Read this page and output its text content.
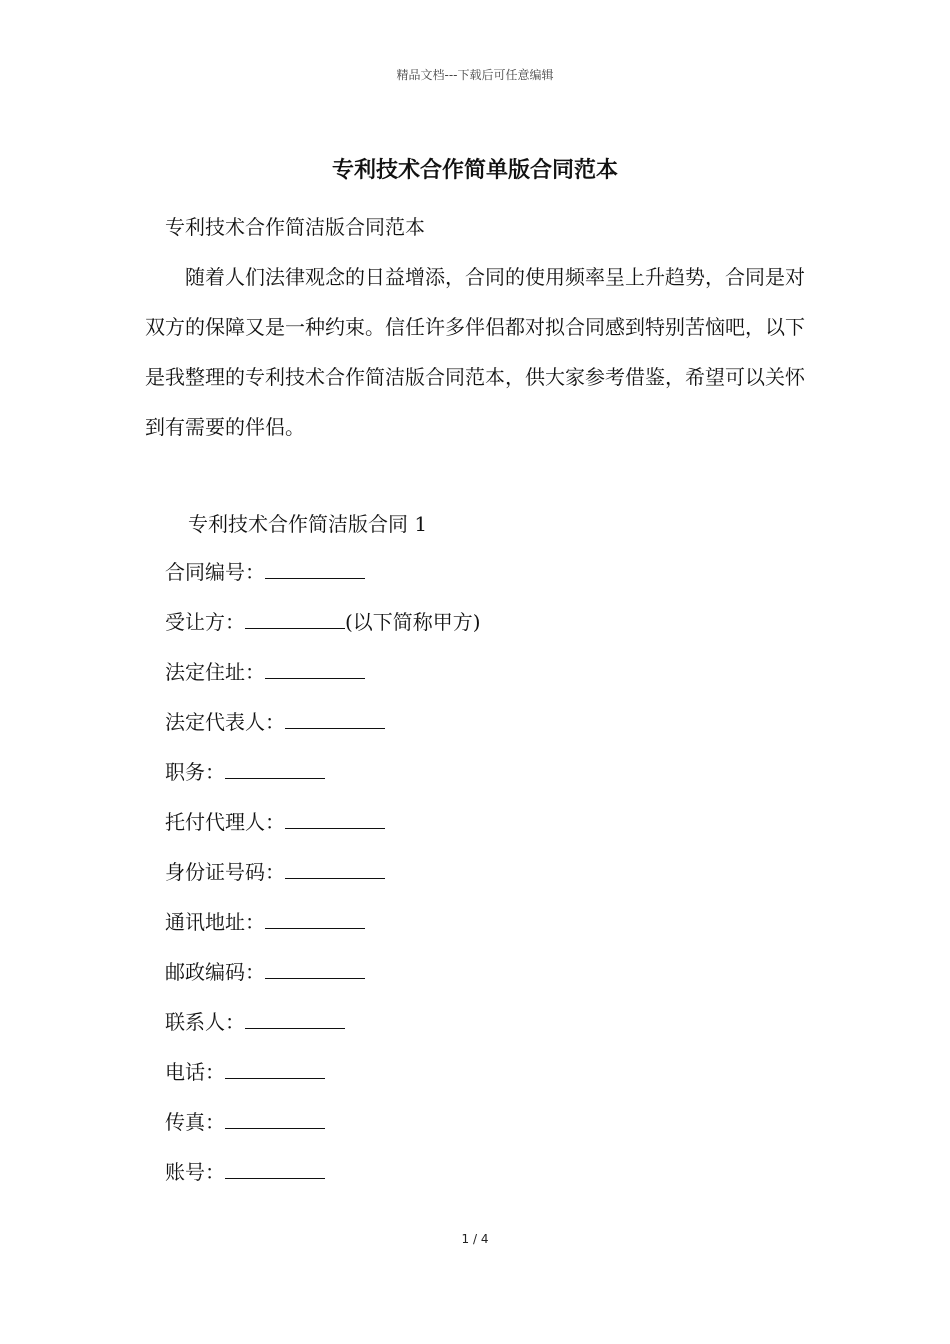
精品文档---下载后可任意编辑
专利技术合作简单版合同范本
专利技术合作简洁版合同范本

随着人们法律观念的日益增添，合同的使用频率呈上升趋势，合同是对双方的保障又是一种约束。信任许多伴侣都对拟合同感到特别苦恼吧，以下是我整理的专利技术合作简洁版合同范本，供大家参考借鉴，希望可以关怀到有需要的伴侣。

专利技术合作简洁版合同 1
合同编号：
受让方：	(以下简称甲方)
法定住址：
法定代表人：
职务：
托付代理人：
身份证号码：
通讯地址：
邮政编码：
联系人：
电话：
传真：
账号：
1 / 4
